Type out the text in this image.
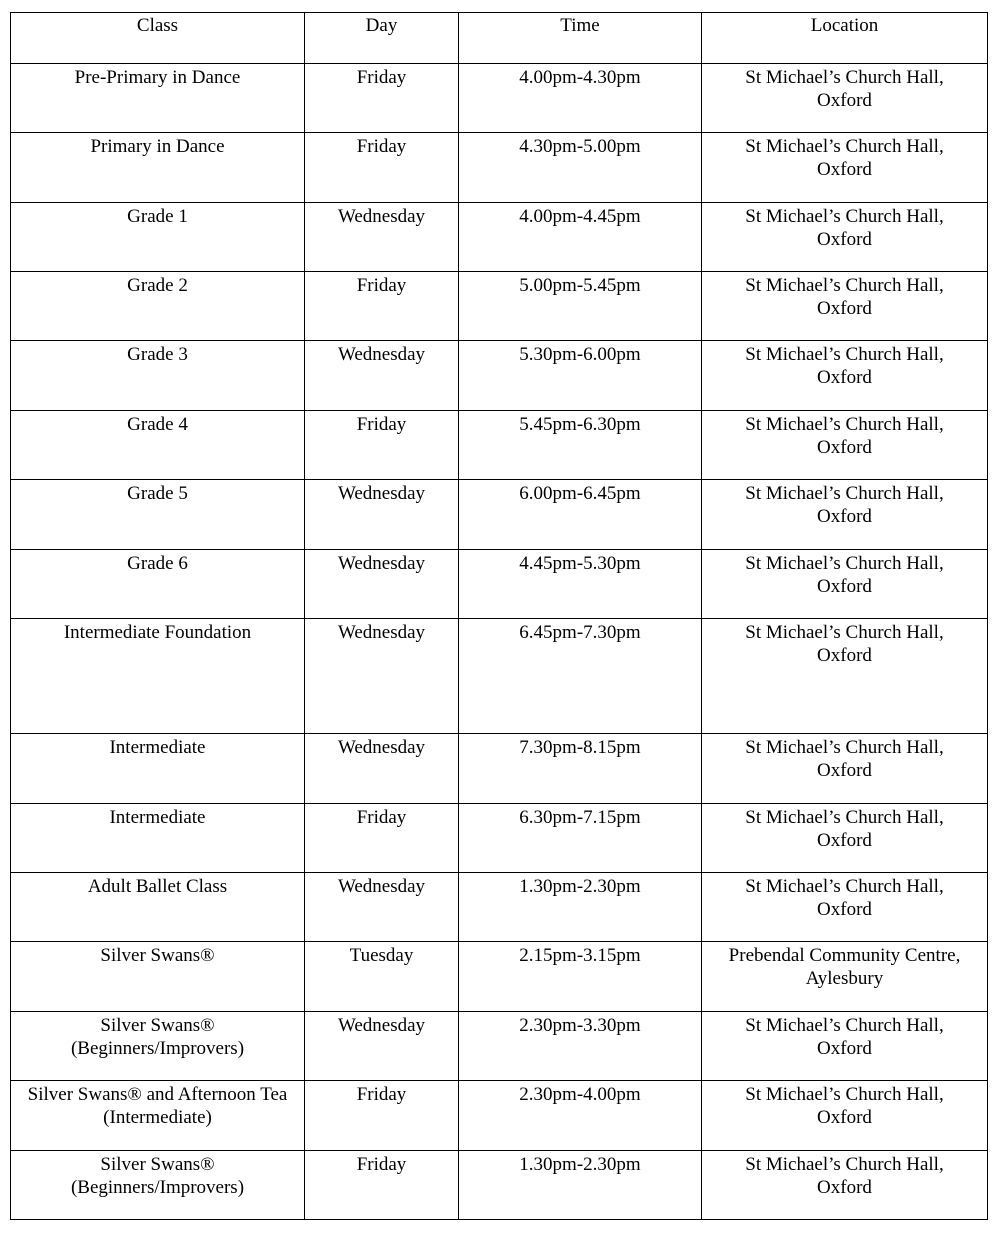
Class	Day	Time	Location
Pre-Primary in Dance	Friday	4.00pm-4.30pm	St Michael’s Church Hall,
Oxford
Primary in Dance	Friday	4.30pm-5.00pm	St Michael’s Church Hall,
Oxford
Grade 1	Wednesday	4.00pm-4.45pm	St Michael’s Church Hall,
Oxford
Grade 2	Friday	5.00pm-5.45pm	St Michael’s Church Hall,
Oxford
Grade 3	Wednesday	5.30pm-6.00pm	St Michael’s Church Hall,
Oxford
Grade 4	Friday	5.45pm-6.30pm	St Michael’s Church Hall,
Oxford
Grade 5	Wednesday	6.00pm-6.45pm	St Michael’s Church Hall,
Oxford
Grade 6	Wednesday	4.45pm-5.30pm	St Michael’s Church Hall,
Oxford
Intermediate Foundation	Wednesday	6.45pm-7.30pm	St Michael’s Church Hall,
Oxford
Intermediate	Wednesday	7.30pm-8.15pm	St Michael’s Church Hall,
Oxford
Intermediate	Friday	6.30pm-7.15pm	St Michael’s Church Hall,
Oxford
Adult Ballet Class	Wednesday	1.30pm-2.30pm	St Michael’s Church Hall,
Oxford
Silver Swans®	Tuesday	2.15pm-3.15pm	Prebendal Community Centre,
Aylesbury
Silver Swans®
(Beginners/Improvers)	Wednesday	2.30pm-3.30pm	St Michael’s Church Hall,
Oxford
Silver Swans® and Afternoon Tea
(Intermediate)	Friday	2.30pm-4.00pm	St Michael’s Church Hall,
Oxford
Silver Swans®
(Beginners/Improvers)	Friday	1.30pm-2.30pm	St Michael’s Church Hall,
Oxford
